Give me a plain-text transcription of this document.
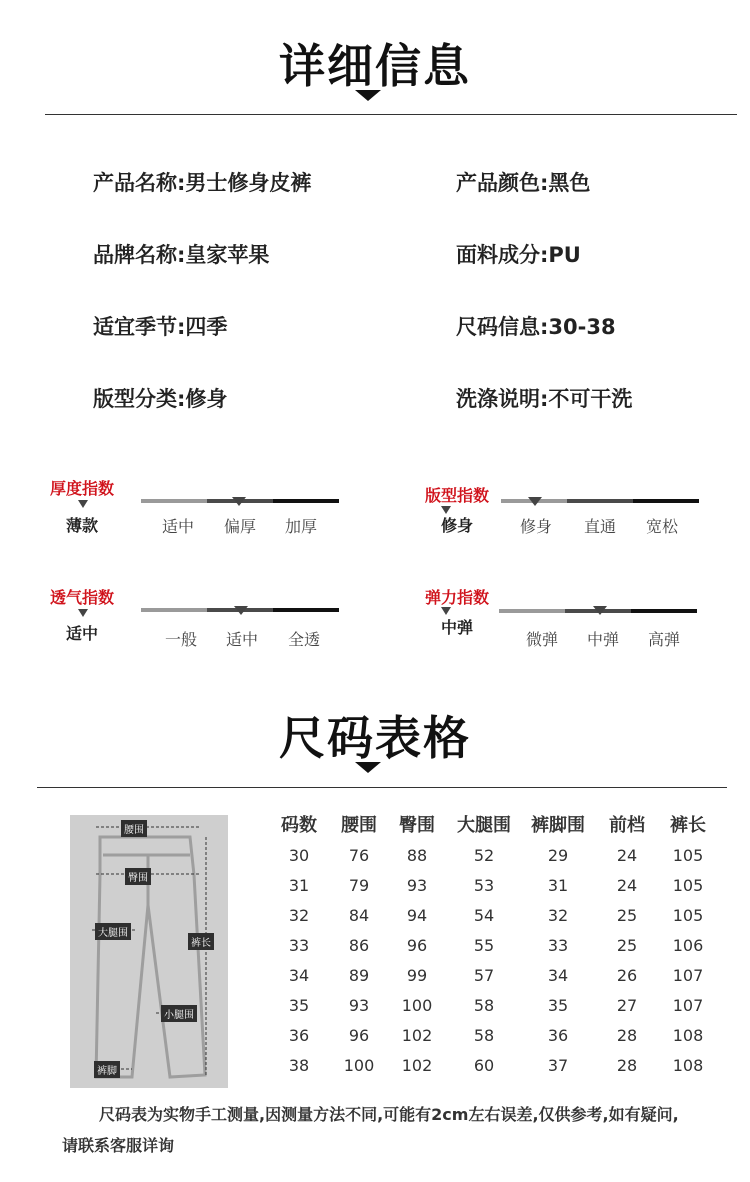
详细信息
产品名称:男士修身皮裤	产品颜色:黑色
品牌名称:皇家苹果	面料成分:PU
适宜季节:四季	尺码信息:30-38
版型分类:修身	洗涤说明:不可干洗
厚度指数
薄款	适中	偏厚	加厚
版型指数
修身	修身	直通	宽松
透气指数
适中	一般	适中	全透
弹力指数
中弹
微弹	中弹	高弹
尺码表格
腰围
臀围
大腿围
裤长
小腿围
裤脚
码数	腰围	臀围	大腿围	裤脚围	前档	裤长
30	76	88	52	29	24	105
31	79	93	53	31	24	105
32	84	94	54	32	25	105
33	86	96	55	33	25	106
34	89	99	57	34	26	107
35	93	100	58	35	27	107
36	96	102	58	36	28	108
38	100	102	60	37	28	108
尺码表为实物手工测量,因测量方法不同,可能有2cm左右误差,仅供参考,如有疑问,
请联系客服详询
